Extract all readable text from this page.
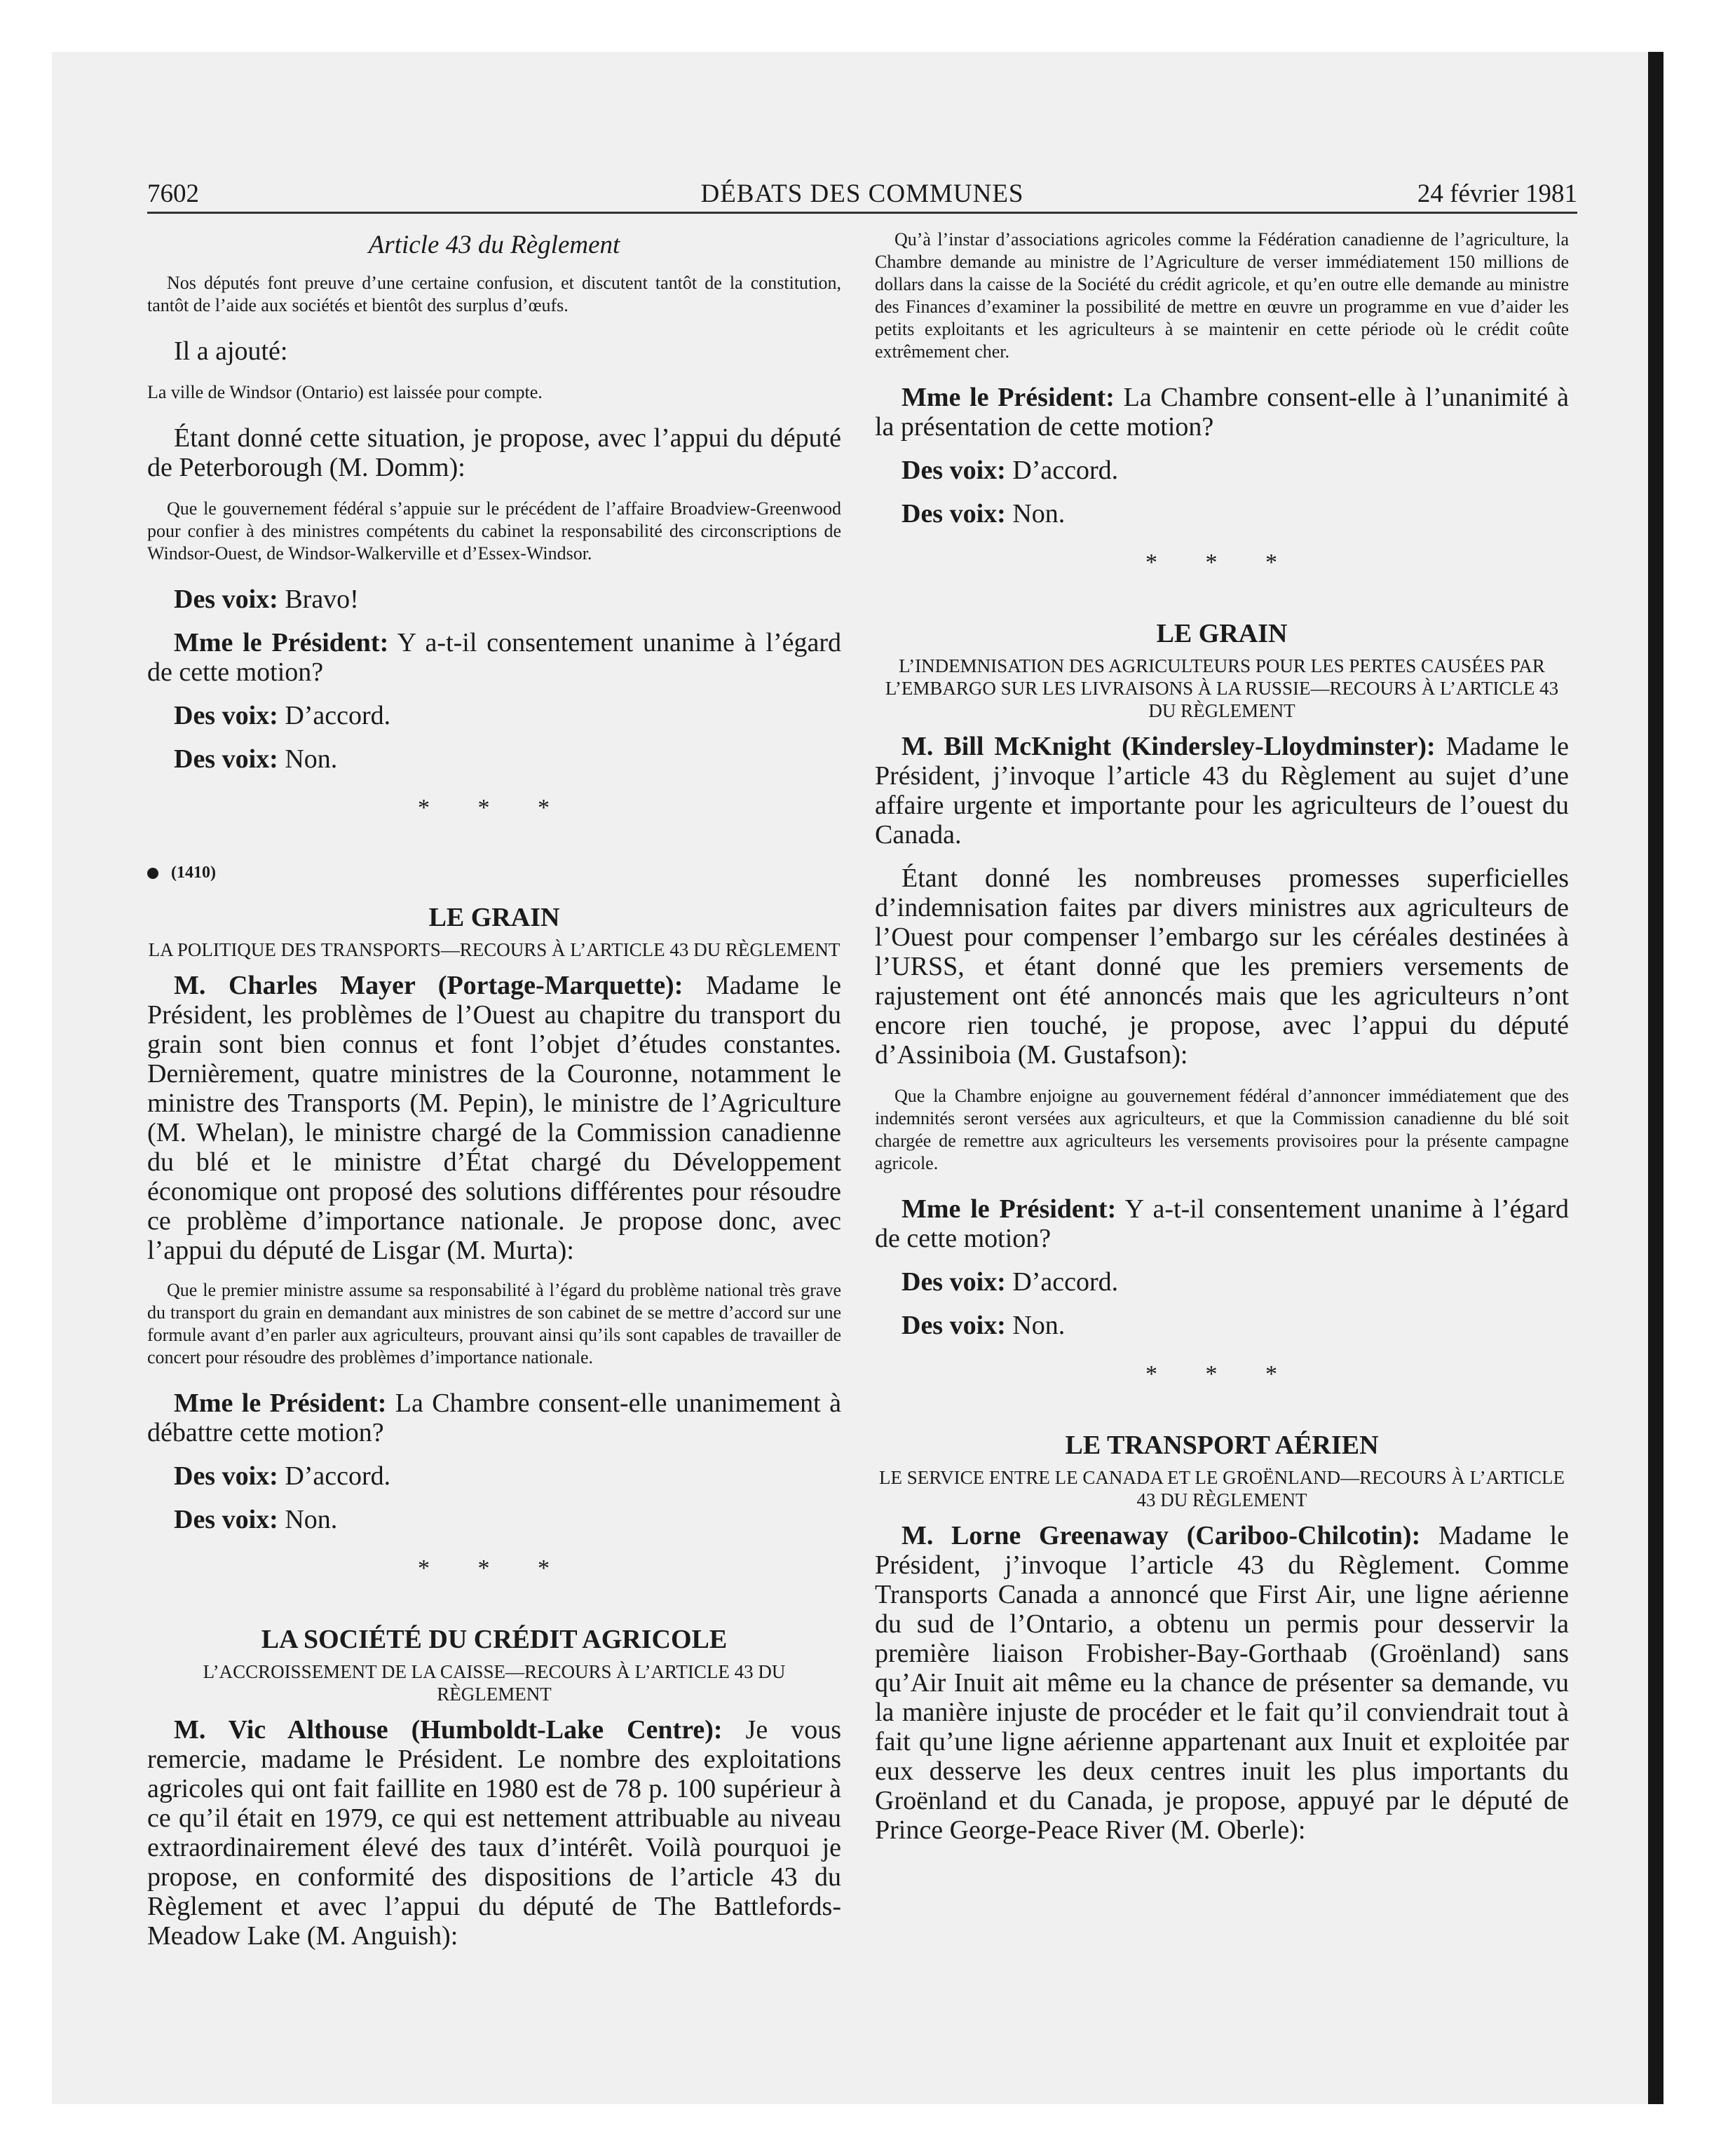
7602	DÉBATS DES COMMUNES	24 février 1981

Article 43 du Règlement

Nos députés font preuve d’une certaine confusion, et discutent tantôt de la constitution, tantôt de l’aide aux sociétés et bientôt des surplus d’œufs.

Il a ajouté:

La ville de Windsor (Ontario) est laissée pour compte.

Étant donné cette situation, je propose, avec l’appui du député de Peterborough (M. Domm):

Que le gouvernement fédéral s’appuie sur le précédent de l’affaire Broadview-Greenwood pour confier à des ministres compétents du cabinet la responsabilité des circonscriptions de Windsor-Ouest, de Windsor-Walkerville et d’Essex-Windsor.

Des voix: Bravo!

Mme le Président: Y a-t-il consentement unanime à l’égard de cette motion?

Des voix: D’accord.

Des voix: Non.

* * *
(1410)

LE GRAIN

LA POLITIQUE DES TRANSPORTS—RECOURS À L’ARTICLE 43 DU RÈGLEMENT

M. Charles Mayer (Portage-Marquette): Madame le Président, les problèmes de l’Ouest au chapitre du transport du grain sont bien connus et font l’objet d’études constantes. Dernièrement, quatre ministres de la Couronne, notamment le ministre des Transports (M. Pepin), le ministre de l’Agriculture (M. Whelan), le ministre chargé de la Commission canadienne du blé et le ministre d’État chargé du Développement économique ont proposé des solutions différentes pour résoudre ce problème d’importance nationale. Je propose donc, avec l’appui du député de Lisgar (M. Murta):

Que le premier ministre assume sa responsabilité à l’égard du problème national très grave du transport du grain en demandant aux ministres de son cabinet de se mettre d’accord sur une formule avant d’en parler aux agriculteurs, prouvant ainsi qu’ils sont capables de travailler de concert pour résoudre des problèmes d’importance nationale.

Mme le Président: La Chambre consent-elle unanimement à débattre cette motion?

Des voix: D’accord.

Des voix: Non.

* * *

LA SOCIÉTÉ DU CRÉDIT AGRICOLE

L’ACCROISSEMENT DE LA CAISSE—RECOURS À L’ARTICLE 43 DU RÈGLEMENT

M. Vic Althouse (Humboldt-Lake Centre): Je vous remercie, madame le Président. Le nombre des exploitations agricoles qui ont fait faillite en 1980 est de 78 p. 100 supérieur à ce qu’il était en 1979, ce qui est nettement attribuable au niveau extraordinairement élevé des taux d’intérêt. Voilà pourquoi je propose, en conformité des dispositions de l’article 43 du Règlement et avec l’appui du député de The Battlefords-Meadow Lake (M. Anguish):

Qu’à l’instar d’associations agricoles comme la Fédération canadienne de l’agriculture, la Chambre demande au ministre de l’Agriculture de verser immédiatement 150 millions de dollars dans la caisse de la Société du crédit agricole, et qu’en outre elle demande au ministre des Finances d’examiner la possibilité de mettre en œuvre un programme en vue d’aider les petits exploitants et les agriculteurs à se maintenir en cette période où le crédit coûte extrêmement cher.

Mme le Président: La Chambre consent-elle à l’unanimité à la présentation de cette motion?

Des voix: D’accord.

Des voix: Non.

* * *

LE GRAIN

L’INDEMNISATION DES AGRICULTEURS POUR LES PERTES CAUSÉES PAR L’EMBARGO SUR LES LIVRAISONS À LA RUSSIE—RECOURS À L’ARTICLE 43 DU RÈGLEMENT

M. Bill McKnight (Kindersley-Lloydminster): Madame le Président, j’invoque l’article 43 du Règlement au sujet d’une affaire urgente et importante pour les agriculteurs de l’ouest du Canada.

Étant donné les nombreuses promesses superficielles d’indemnisation faites par divers ministres aux agriculteurs de l’Ouest pour compenser l’embargo sur les céréales destinées à l’URSS, et étant donné que les premiers versements de rajustement ont été annoncés mais que les agriculteurs n’ont encore rien touché, je propose, avec l’appui du député d’Assiniboia (M. Gustafson):

Que la Chambre enjoigne au gouvernement fédéral d’annoncer immédiatement que des indemnités seront versées aux agriculteurs, et que la Commission canadienne du blé soit chargée de remettre aux agriculteurs les versements provisoires pour la présente campagne agricole.

Mme le Président: Y a-t-il consentement unanime à l’égard de cette motion?

Des voix: D’accord.

Des voix: Non.

* * *

LE TRANSPORT AÉRIEN

LE SERVICE ENTRE LE CANADA ET LE GROËNLAND—RECOURS À L’ARTICLE 43 DU RÈGLEMENT

M. Lorne Greenaway (Cariboo-Chilcotin): Madame le Président, j’invoque l’article 43 du Règlement. Comme Transports Canada a annoncé que First Air, une ligne aérienne du sud de l’Ontario, a obtenu un permis pour desservir la première liaison Frobisher-Bay-Gorthaab (Groënland) sans qu’Air Inuit ait même eu la chance de présenter sa demande, vu la manière injuste de procéder et le fait qu’il conviendrait tout à fait qu’une ligne aérienne appartenant aux Inuit et exploitée par eux desserve les deux centres inuit les plus importants du Groënland et du Canada, je propose, appuyé par le député de Prince George-Peace River (M. Oberle):
